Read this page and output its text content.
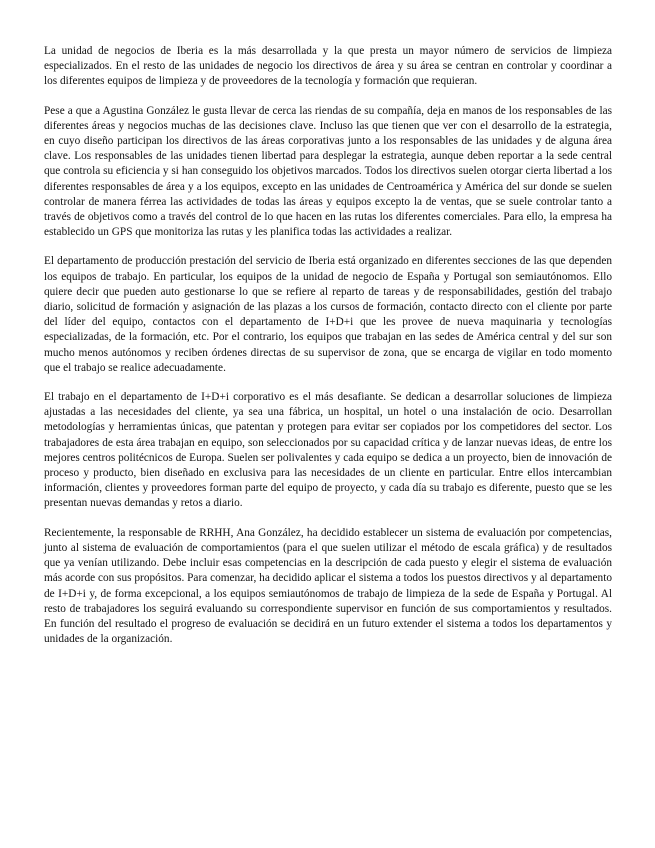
La unidad de negocios de Iberia es la más desarrollada y la que presta un mayor número de servicios de limpieza especializados. En el resto de las unidades de negocio los directivos de área y su área se centran en controlar y coordinar a los diferentes equipos de limpieza y de proveedores de la tecnología y formación que requieran.

Pese a que a Agustina González le gusta llevar de cerca las riendas de su compañía, deja en manos de los responsables de las diferentes áreas y negocios muchas de las decisiones clave. Incluso las que tienen que ver con el desarrollo de la estrategia, en cuyo diseño participan los directivos de las áreas corporativas junto a los responsables de las unidades y de alguna área clave. Los responsables de las unidades tienen libertad para desplegar la estrategia, aunque deben reportar a la sede central que controla su eficiencia y si han conseguido los objetivos marcados. Todos los directivos suelen otorgar cierta libertad a los diferentes responsables de área y a los equipos, excepto en las unidades de Centroamérica y América del sur donde se suelen controlar de manera férrea las actividades de todas las áreas y equipos excepto la de ventas, que se suele controlar tanto a través de objetivos como a través del control de lo que hacen en las rutas los diferentes comerciales. Para ello, la empresa ha establecido un GPS que monitoriza las rutas y les planifica todas las actividades a realizar.

El departamento de producción prestación del servicio de Iberia está organizado en diferentes secciones de las que dependen los equipos de trabajo. En particular, los equipos de la unidad de negocio de España y Portugal son semiautónomos. Ello quiere decir que pueden auto gestionarse lo que se refiere al reparto de tareas y de responsabilidades, gestión del trabajo diario, solicitud de formación y asignación de las plazas a los cursos de formación, contacto directo con el cliente por parte del líder del equipo, contactos con el departamento de I+D+i que les provee de nueva maquinaria y tecnologías especializadas, de la formación, etc. Por el contrario, los equipos que trabajan en las sedes de América central y del sur son mucho menos autónomos y reciben órdenes directas de su supervisor de zona, que se encarga de vigilar en todo momento que el trabajo se realice adecuadamente.

El trabajo en el departamento de I+D+i corporativo es el más desafiante. Se dedican a desarrollar soluciones de limpieza ajustadas a las necesidades del cliente, ya sea una fábrica, un hospital, un hotel o una instalación de ocio. Desarrollan metodologías y herramientas únicas, que patentan y protegen para evitar ser copiados por los competidores del sector. Los trabajadores de esta área trabajan en equipo, son seleccionados por su capacidad crítica y de lanzar nuevas ideas, de entre los mejores centros politécnicos de Europa. Suelen ser polivalentes y cada equipo se dedica a un proyecto, bien de innovación de proceso y producto, bien diseñado en exclusiva para las necesidades de un cliente en particular. Entre ellos intercambian información, clientes y proveedores forman parte del equipo de proyecto, y cada día su trabajo es diferente, puesto que se les presentan nuevas demandas y retos a diario.

Recientemente, la responsable de RRHH, Ana González, ha decidido establecer un sistema de evaluación por competencias, junto al sistema de evaluación de comportamientos (para el que suelen utilizar el método de escala gráfica) y de resultados que ya venían utilizando. Debe incluir esas competencias en la descripción de cada puesto y elegir el sistema de evaluación más acorde con sus propósitos. Para comenzar, ha decidido aplicar el sistema a todos los puestos directivos y al departamento de I+D+i y, de forma excepcional, a los equipos semiautónomos de trabajo de limpieza de la sede de España y Portugal. Al resto de trabajadores los seguirá evaluando su correspondiente supervisor en función de sus comportamientos y resultados. En función del resultado el progreso de evaluación se decidirá en un futuro extender el sistema a todos los departamentos y unidades de la organización.
